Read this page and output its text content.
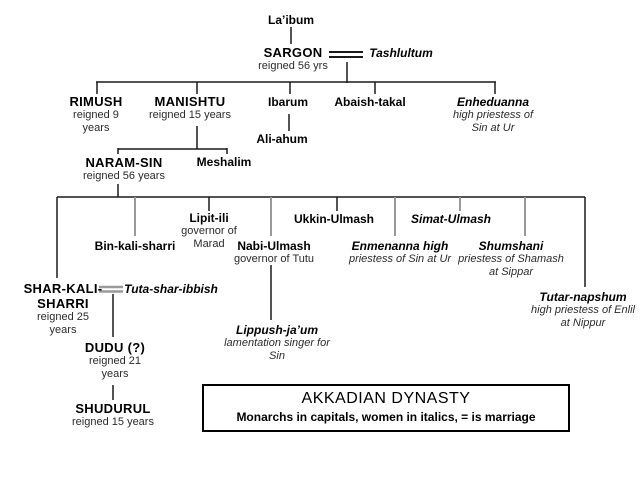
La’ibum
SARGON
reigned 56 yrs
Tashlultum
RIMUSH
reigned 9
years
MANISHTU
reigned 15 years
Ibarum
Ali-ahum
Abaish-takal	Enheduanna
high priestess of
Sin at Ur
NARAM-SIN
reigned 56 years
Meshalim
Bin-kali-sharri
Lipit-ili
governor of
Marad	Nabi-Ulmash
governor of Tutu
Ukkin-Ulmash	Simat-Ulmash
Enmenanna high
priestess of Sin at Ur
Shumshani
priestess of Shamash
at Sippar
Tutar-napshum
high priestess of Enlil
at Nippur
SHAR-KALI-
SHARRI
reigned 25
years
Tuta-shar-ibbish
DUDU (?)
reigned 21
years
SHUDURUL
reigned 15 years
Lippush-ja’um
lamentation singer for
Sin
AKKADIAN DYNASTY
Monarchs in capitals, women in italics, = is marriage
